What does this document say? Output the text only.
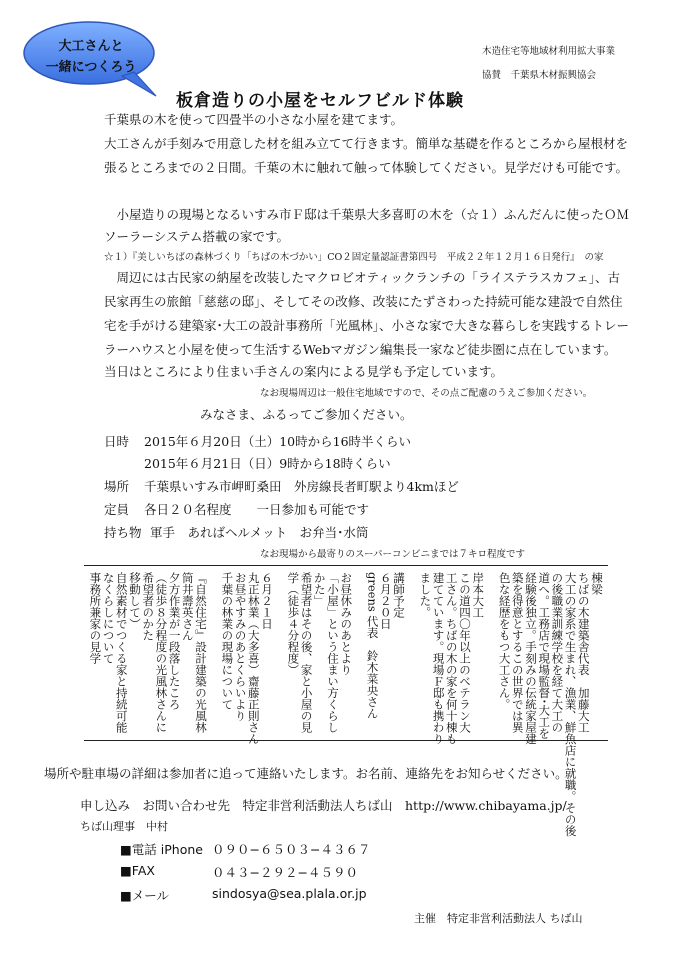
大工さんと
一緒につくろう
木造住宅等地域材利用拡大事業
協賛　千葉県木材振興協会
板倉造りの小屋をセルフビルド体験
千葉県の木を使って四畳半の小さな小屋を建てます。
大工さんが手刻みで用意した材を組み立てて行きます。簡単な基礎を作るところから屋根材を
張るところまでの２日間。千葉の木に触れて触って体験してください。見学だけも可能です。
　小屋造りの現場となるいすみ市Ｆ邸は千葉県大多喜町の木を（☆１）ふんだんに使ったＯＭ
ソーラーシステム搭載の家です。
☆１）『美しいちばの森林づくり「ちばの木づかい」CO２固定量認証書第四号　平成２２年１２月１６日発行』　の家
　周辺には古民家の納屋を改装したマクロビオティックランチの「ライステラスカフェ」、古
民家再生の旅館「慈慈の邸」、そしてその改修、改装にたずさわった持続可能な建設で自然住
宅を手がける建築家･大工の設計事務所「光風林」、小さな家で大きな暮らしを実践するトレー
ラーハウスと小屋を使って生活するWebマガジン編集長一家など徒歩圏に点在しています。
当日はところにより住まい手さんの案内による見学も予定しています。
なお現場周辺は一般住宅地域ですので、その点ご配慮のうえご参加ください。
みなさま、ふるってご参加ください。
日時 2015年６月20日（土）10時から16時半くらい
2015年６月21日（日）9時から18時くらい
場所 千葉県いすみ市岬町桑田　外房線長者町駅より4kmほど
定員 各日２０名程度　　一日参加も可能です
持ち物 軍手　あればヘルメット　お弁当･水筒
なお現場から最寄りのスーパーコンビニまでは７キロ程度です
棟梁
ちばの木建築舎代表　加藤大工
大工の家系で生まれ、漁業、鮮魚店に就職。その後
の後職業訓練学校を経て大工の
道へ。工務店で現場監督･大工を
経験後独立。手刻みの伝統家屋建
築を得意とするこの世界では異
色な経歴をもつ大工さん。
岸本大工
この道四〇年以上のベテラン大
工さん。ちばの木の家を何十棟も
建てています。現場Ｆ邸も携わり
ました。
講師予定
６月２０日
greens 代表　鈴木菜央さん
お昼休みのあとより
「小屋」という住まい方くらし
かた」
希望者はその後、家と小屋の見
学（徒歩４分程度）
６月２１日
丸正林業（大多喜）齋藤正則さん
お昼やすみのあとくらいより
千葉の林業の現場について
『自然住宅』設計建築の光風林
筒井壽英さん
夕方作業が一段落したころ
（徒歩８分程度の光風林さんに
希望者のかた
移動して）
自然素材でつくる家と持続可能
なくらしについて
事務所兼家の見学
場所や駐車場の詳細は参加者に追って連絡いたします。お名前、連絡先をお知らせください。
申し込み　お問い合わせ先　特定非営利活動法人ちば山　http://www.chibayama.jp/
ちば山理事　中村
■電話 iPhone ０９０−６５０３−４３６７
■FAX	０４３−２９２−４５９０
■メール	sindosya@sea.plala.or.jp
主催　特定非営利活動法人 ちば山
